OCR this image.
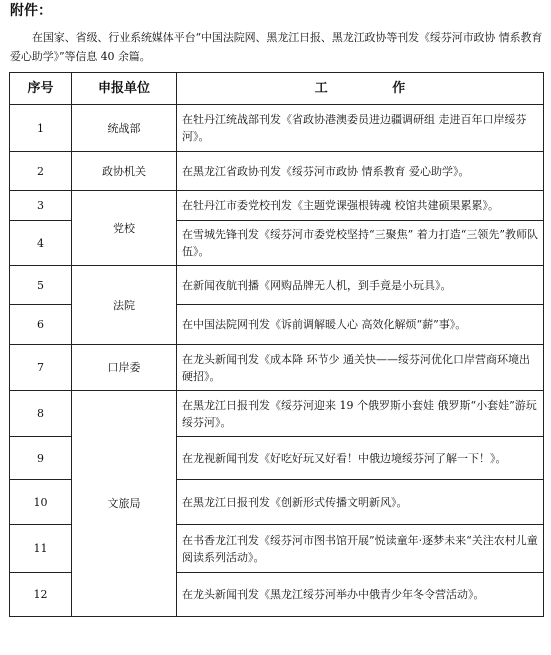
附件：

在国家、省级、行业系统媒体平台“中国法院网、黑龙江日报、黑龙江政协等刊发《绥芬河市政协 情系教育 爱心助学》”等信息 40 余篇。

序号	申报单位	工 作
1	统战部	在牡丹江统战部刊发《省政协港澳委员进边疆调研组 走进百年口岸绥芬河》。
2	政协机关	在黑龙江省政协刊发《绥芬河市政协 情系教育 爱心助学》。
3	党校	在牡丹江市委党校刊发《主题党课强根铸魂 校馆共建硕果累累》。
4		在雪城先锋刊发《绥芬河市委党校坚持“三聚焦” 着力打造“三领先”教师队伍》。
5	法院	在新闻夜航刊播《网购品牌无人机，到手竟是小玩具》。
6		在中国法院网刊发《诉前调解暖人心 高效化解烦“薪”事》。
7	口岸委	在龙头新闻刊发《成本降 环节少 通关快——绥芬河优化口岸营商环境出硬招》。
8	文旅局	在黑龙江日报刊发《绥芬河迎来 19 个俄罗斯小套娃 俄罗斯“小套娃”游玩绥芬河》。
9		在龙视新闻刊发《好吃好玩又好看！中俄边境绥芬河了解一下！》。
10		在黑龙江日报刊发《创新形式传播文明新风》。
11		在书香龙江刊发《绥芬河市图书馆开展”悦读童年·逐梦未来“关注农村儿童阅读系列活动》。
12		在龙头新闻刊发《黑龙江绥芬河举办中俄青少年冬令营活动》。
